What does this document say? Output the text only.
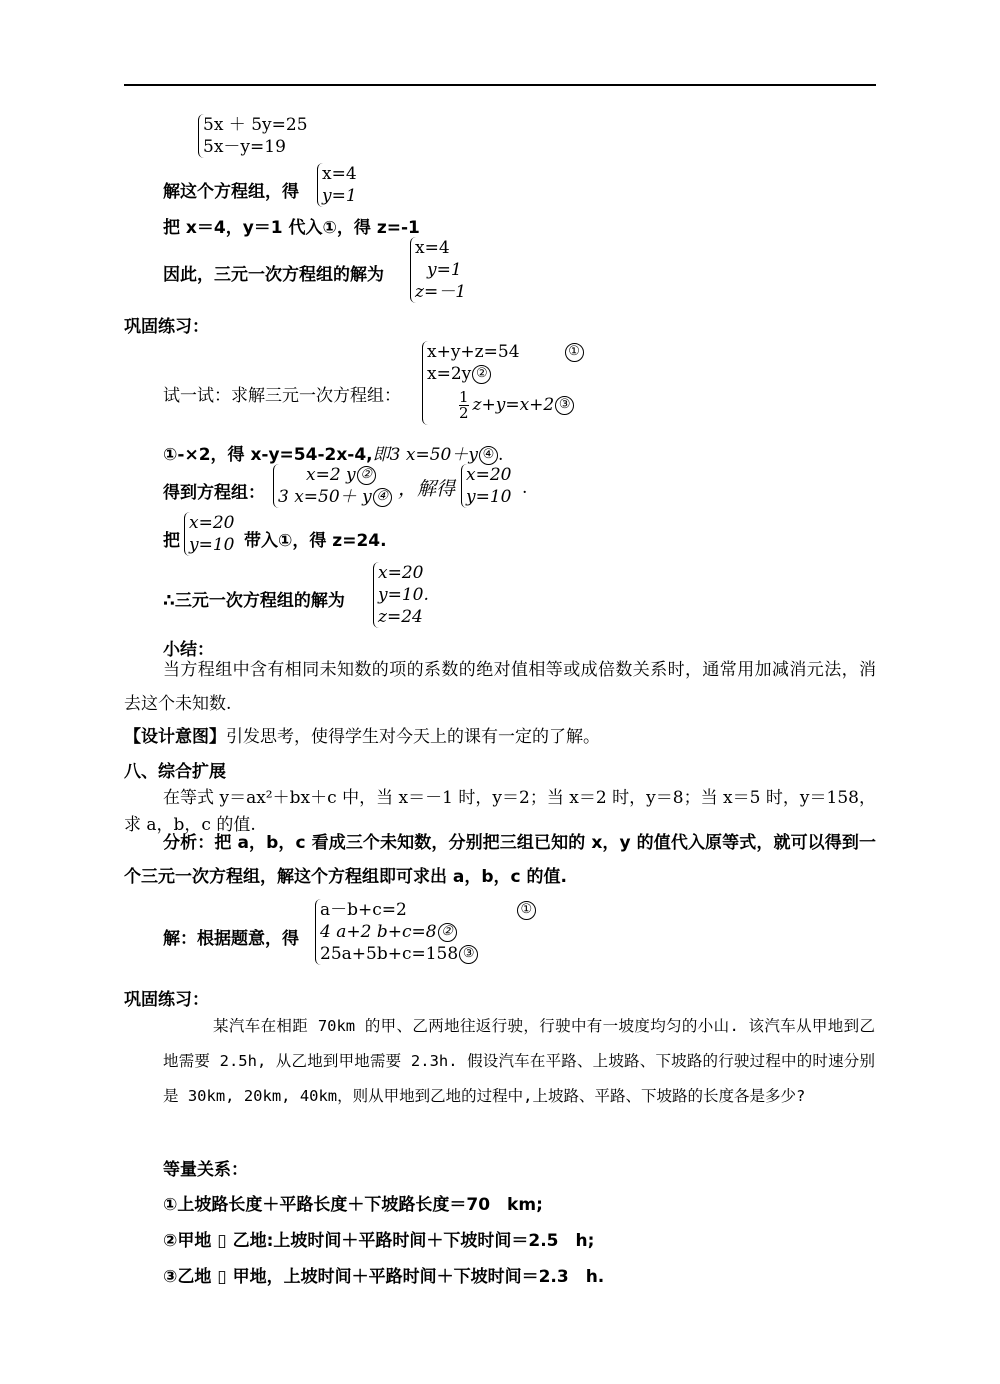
5x ＋ 5y=25
5x－y=19
解这个方程组，得
x=4
y=1
把 x＝4，y＝1 代入①，得 z=-1
因此，三元一次方程组的解为
x=4
y=1
z=－1
巩固练习：
试一试：求解三元一次方程组：
x+y+z=54	①
x=2y ②
$\frac{1}{2} z+y=x+2$ ③
①-×2，得 x-y=54-2x-4,即3 x=50＋y ④ .
得到方程组：
x=2 y ②
3 x=50＋ y ④ ，解得
x=20
y=10 .
把
x=20
y=10 带入①，得 z=24.
∴三元一次方程组的解为
x=20
y=10.
z=24
小结：
当方程组中含有相同未知数的项的系数的绝对值相等或成倍数关系时，通常用加减消元法，消去这个未知数.
【设计意图】引发思考，使得学生对今天上的课有一定的了解。
八、综合扩展
在等式 y＝ax²＋bx＋c 中，当 x＝－1 时，y＝2；当 x＝2 时，y＝8；当 x＝5 时，y＝158，求 a，b，c 的值.
分析：把 a，b，c 看成三个未知数，分别把三组已知的 x，y 的值代入原等式，就可以得到一个三元一次方程组，解这个方程组即可求出 a，b，c 的值.
解：根据题意，得
a－b+c=2	①
4 a+2 b+c=8 ②
25a+5b+c=158 ③
巩固练习：
某汽车在相距 70km 的甲、乙两地往返行驶，行驶中有一坡度均匀的小山. 该汽车从甲地到乙地需要 2.5h, 从乙地到甲地需要 2.3h. 假设汽车在平路、上坡路、下坡路的行驶过程中的时速分别是 30km, 20km, 40km，则从甲地到乙地的过程中,上坡路、平路、下坡路的长度各是多少?
等量关系：
①上坡路长度＋平路长度＋下坡路长度＝70　km;
②甲地 ▯ 乙地:上坡时间＋平路时间＋下坡时间＝2.5　h;
③乙地 ▯ 甲地，上坡时间＋平路时间＋下坡时间＝2.3　h.
